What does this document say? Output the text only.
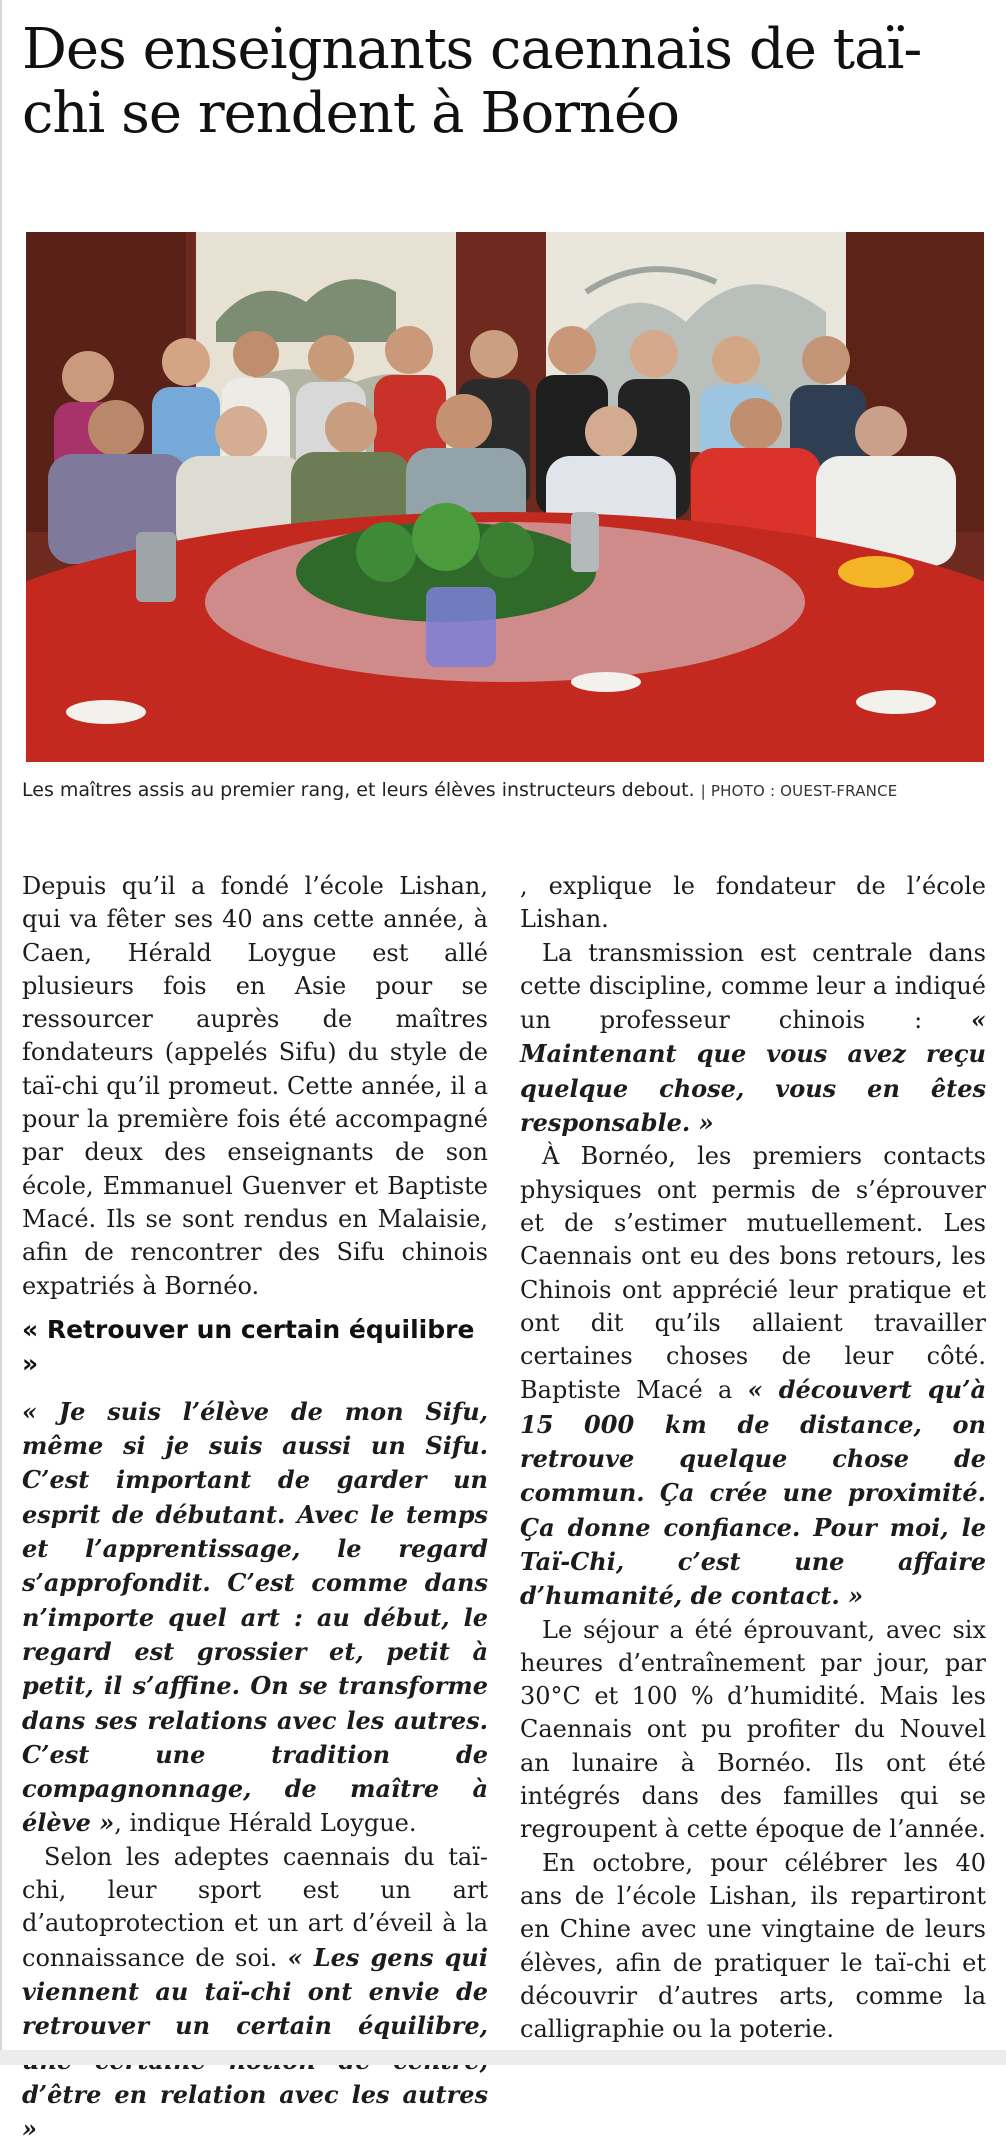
Des enseignants caennais de taï-chi se rendent à Bornéo
Les maîtres assis au premier rang, et leurs élèves instructeurs debout. | PHOTO : OUEST-FRANCE

Depuis qu’il a fondé l’école Lishan, qui va fêter ses 40 ans cette année, à Caen, Hérald Loygue est allé plusieurs fois en Asie pour se ressourcer auprès de maîtres fondateurs (appelés Sifu) du style de taï-chi qu’il promeut. Cette année, il a pour la première fois été accompagné par deux des enseignants de son école, Emmanuel Guenver et Baptiste Macé. Ils se sont rendus en Malaisie, afin de rencontrer des Sifu chinois expatriés à Bornéo.

« Retrouver un certain équilibre »

« Je suis l’élève de mon Sifu, même si je suis aussi un Sifu. C’est important de garder un esprit de débutant. Avec le temps et l’apprentissage, le regard s’approfondit. C’est comme dans n’importe quel art : au début, le regard est grossier et, petit à petit, il s’affine. On se transforme dans ses relations avec les autres. C’est une tradition de compagnonnage, de maître à élève », indique Hérald Loygue.

Selon les adeptes caennais du taï-chi, leur sport est un art d’autoprotection et un art d’éveil à la connaissance de soi. « Les gens qui viennent au taï-chi ont envie de retrouver un certain équilibre, d’être en relation avec les autres »

, explique le fondateur de l’école Lishan.

La transmission est centrale dans cette discipline, comme leur a indiqué un professeur chinois : « Maintenant que vous avez reçu quelque chose, vous en êtes responsable. »

À Bornéo, les premiers contacts physiques ont permis de s’éprouver et de s’estimer mutuellement. Les Caennais ont eu des bons retours, les Chinois ont apprécié leur pratique et ont dit qu’ils allaient travailler certaines choses de leur côté. Baptiste Macé a « découvert qu’à 15 000 km de distance, on retrouve quelque chose de commun. Ça crée une proximité. Ça donne confiance. Pour moi, le Taï-Chi, c’est une affaire d’humanité, de contact. »

Le séjour a été éprouvant, avec six heures d’entraînement par jour, par 30°C et 100 % d’humidité. Mais les Caennais ont pu profiter du Nouvel an lunaire à Bornéo. Ils ont été intégrés dans des familles qui se regroupent à cette époque de l’année.

En octobre, pour célébrer les 40 ans de l’école Lishan, ils repartiront en Chine avec une vingtaine de leurs élèves, afin de pratiquer le taï-chi et découvrir d’autres arts, comme la calligraphie ou la poterie.
